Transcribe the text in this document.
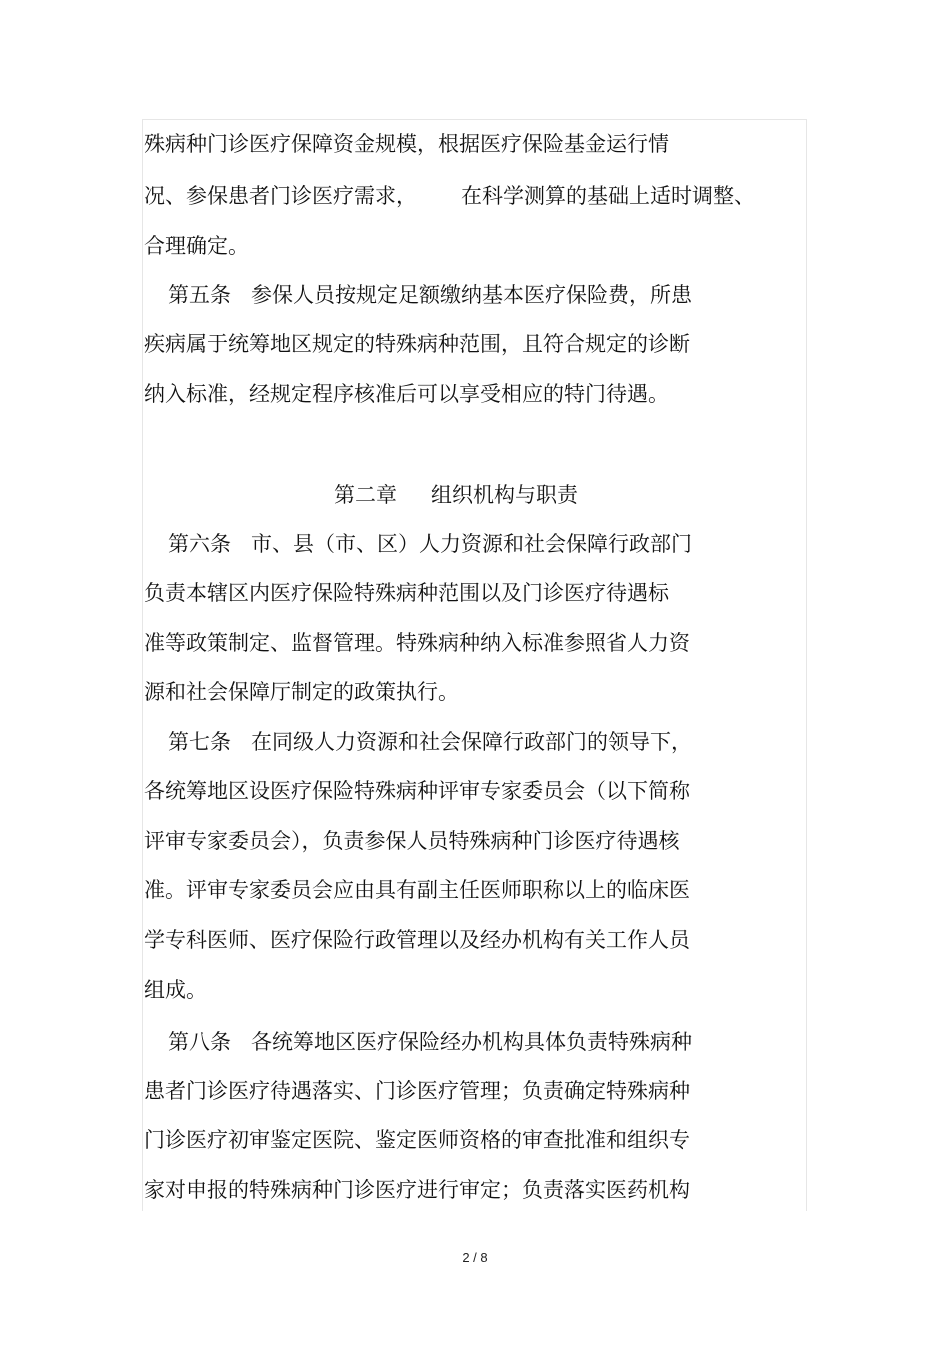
殊病种门诊医疗保障资金规模，根据医疗保险基金运行情
况、参保患者门诊医疗需求， 在科学测算的基础上适时调整、
合理确定。
第五条 参保人员按规定足额缴纳基本医疗保险费，所患
疾病属于统筹地区规定的特殊病种范围，且符合规定的诊断
纳入标准，经规定程序核准后可以享受相应的特门待遇。
第二章 组织机构与职责
第六条 市、县（市、区）人力资源和社会保障行政部门
负责本辖区内医疗保险特殊病种范围以及门诊医疗待遇标
准等政策制定、监督管理。特殊病种纳入标准参照省人力资
源和社会保障厅制定的政策执行。
第七条 在同级人力资源和社会保障行政部门的领导下，
各统筹地区设医疗保险特殊病种评审专家委员会（以下简称
评审专家委员会），负责参保人员特殊病种门诊医疗待遇核
准。评审专家委员会应由具有副主任医师职称以上的临床医
学专科医师、医疗保险行政管理以及经办机构有关工作人员
组成。
第八条 各统筹地区医疗保险经办机构具体负责特殊病种
患者门诊医疗待遇落实、门诊医疗管理；负责确定特殊病种
门诊医疗初审鉴定医院、鉴定医师资格的审查批准和组织专
家对申报的特殊病种门诊医疗进行审定；负责落实医药机构
2 / 8
